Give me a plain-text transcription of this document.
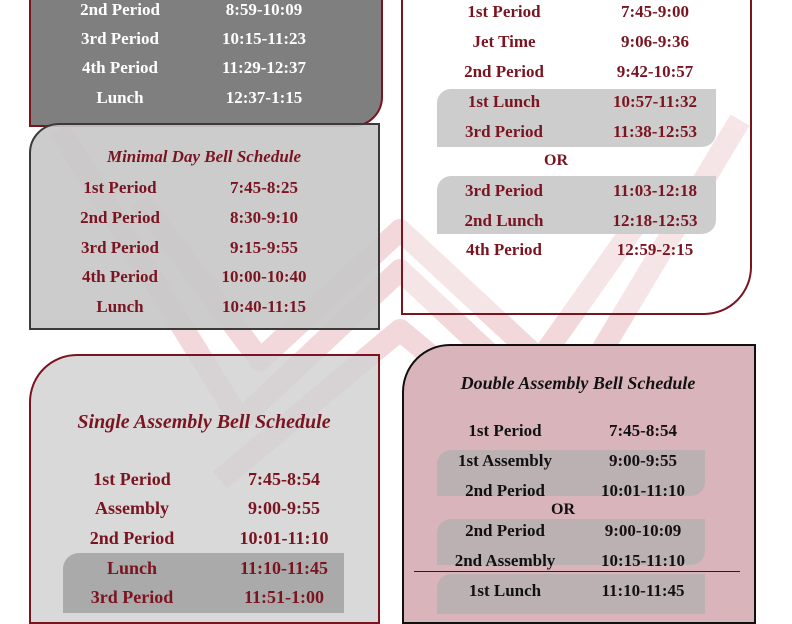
2nd Period	8:59-10:09
3rd Period	10:15-11:23
4th Period	11:29-12:37
Lunch	12:37-1:15
Minimal Day Bell Schedule
1st Period	7:45-8:25
2nd Period	8:30-9:10
3rd Period	9:15-9:55
4th Period	10:00-10:40
Lunch	10:40-11:15
1st Period	7:45-9:00
Jet Time	9:06-9:36
2nd Period	9:42-10:57
1st Lunch	10:57-11:32
3rd Period	11:38-12:53
OR
3rd Period	11:03-12:18
2nd Lunch	12:18-12:53
4th Period	12:59-2:15
Single Assembly Bell Schedule
1st Period	7:45-8:54
Assembly	9:00-9:55
2nd Period	10:01-11:10
Lunch	11:10-11:45
3rd Period	11:51-1:00
Double Assembly Bell Schedule
1st Period	7:45-8:54
1st Assembly	9:00-9:55
2nd Period	10:01-11:10
OR
2nd Period	9:00-10:09
2nd Assembly	10:15-11:10
1st Lunch	11:10-11:45
